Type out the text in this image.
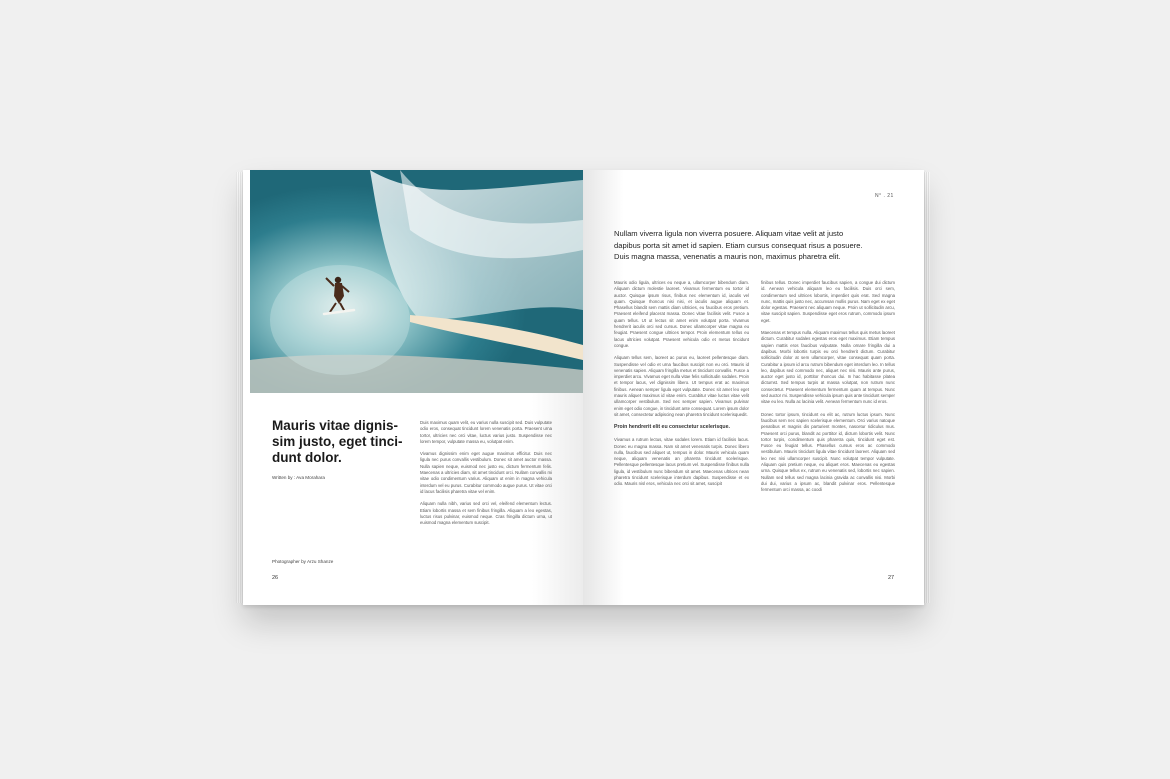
Mauris vitae dignis-sim justo, eget tinci-dunt dolor.
Written by : Ava Morahara

Duis maximus quam velit, eu varius nulla suscipit sed. Duis vulputate odio eros, consequat tincidunt lorem venenatis porta. Praesent urna tortor, ultricies nec orci vitae, luctus varius justo. Suspendisse nec lorem tempor, vulputate massa eu, volutpat enim.

Vivamus dignissim enim eget augue maximus efficitur. Duis nec ligula nec purus convallis vestibulum. Donec sit amet auctor massa. Nulla sapien neque, euismod nec justo eu, dictum fermentum felis. Maecenas a ultricies diam, sit amet tincidunt orci. Nullam convallis mi vitae odio condimentum varius. Aliquam ut enim in magna vehicula interdum vel eu purus. Curabitur commodo augue purus. Ut vitae orci id lacus facilisis pharetra vitae vel enim.

Aliquam nulla nibh, varius sed orci vel, eleifend elementum lectus. Etiam lobortis massa et sem finibus fringilla. Aliquam a leo egestas, luctus risus pulvinar, euismod neque. Cras fringilla dictum urna, ut euismod magna elementum suscipit.

Photographer by Arzu Shanze
26
N° . 21
Nullam viverra ligula non viverra posuere. Aliquam vitae velit at justo dapibus porta sit amet id sapien. Etiam cursus consequat risus a posuere. Duis magna massa, venenatis a mauris non, maximus pharetra elit.

Mauris odio ligula, ultrices eu neque a, ullamcorper bibendum diam. Aliquam dictum molestie laoreet. Vivamus fermentum eu tortor id auctor. Quisque ipsum risus, finibus nec elementum id, iaculis vel quam. Quisque rhoncus nisi nisi, et iaculis augue aliquam et. Phasellus blandit sem mattis diam ultricies, eu faucibus eros pretium. Praesent eleifend placerat massa. Donec vitae facilisis velit. Fusce a quam tellus. Ut ut lectus sit amet enim volutpat porta. Vivamus hendrerit iaculis orci sed cursus. Donec ullamcorper vitae magna eu feugiat. Praesent congue ultrices tempor. Proin elementum tellus eu lacus ultricies volutpat. Praesent vehicula odio et metus tincidunt congue.

Aliquam tellus sem, laoreet ac purus eu, laoreet pellentesque diam. Suspendisse vel odio et urna faucibus suscipit non eu orci. Mauris id venenatis sapien. Aliquam fringilla metus et tincidunt convallis. Fusce a imperdiet arcu. Vivamus eget nulla vitae felis sollicitudin sodales. Proin et tempor lacus, vel dignissim libero. Ut tempus erat ac maximus finibus. Aenean semper ligula eget vulputate. Donec sit amet leo eget mauris aliquet maximus id vitae enim. Curabitur vitae luctus vitae velit ullamcorper vestibulum. Sed nec semper sapien. Vivamus pulvinar enim eget odio congue, in tincidunt ante consequat. Lorem ipsum dolor sit amet, consectetur adipiscing nean pharetra tincidunt scelerisquedit.

Proin hendrerit elit eu consectetur scelerisque.

Vivamus a rutrum lectus, vitae sodales lorem. Etiam id facilisis lacus. Donec eu magna massa. Nam sit amet venenatis turpis. Donec libero nulla, faucibus sed aliquet ut, tempus in dolor. Mauris vehicula quam neque, aliquam venenatis an pharetra tincidunt scelerisque. Pellentesque pellentesque lacus pretium vel. Suspendisse finibus nulla ligula, id vestibulum nunc bibendum sit amet. Maecenas ultrices nean pharetra tincidunt scelerisque interdum dapibus. Suspendisse et ex odio. Mauris nisl eros, vehicula nec orci sit amet, suscipit

finibus tellus. Donec imperdiet faucibus sapien, a congue dui dictum id. Aenean vehicula aliquam leo eu facilisis. Duis orci sem, condimentum sed ultrices lobortis, imperdiet quis erat. Sed magna nunc, mattis quis justo nec, accumsan mollis purus. Nam eget ex eget dolor egestas. Praesent nec aliquam neque. Proin ut sollicitudin arcu, vitae suscipit sapien. Suspendisse eget eros rutrum, commodo ipsum eget.

Maecenas et tempus nulla. Aliquam maximus tellus quis metus laoreet dictum. Curabitur sodales egestas eros eget maximus. Etiam tempus sapien mattis eros faucibus vulputate. Nulla ornare fringilla dui a dapibus. Morbi lobortis turpis eu orci hendrerit dictum. Curabitur sollicitudin dolor at sem ullamcorper, vitae consequat quam porta. Curabitur a ipsum id arcu rutrum bibendum eget interdum leo. In tellus leo, dapibus sed commodo nec, aliquet nec nisi. Mauris ante purus, auctor eget justo id, porttitor rhoncus dui. In hac habitasse platea dictumst. Sed tempus turpis at massa volutpat, non rutrum nunc consectetur. Praesent elementum fermentum quam at tempus. Nunc sed auctor mi. Suspendisse vehicula ipsum quis ante tincidunt semper vitae eu leo. Nulla ac lacinia velit. Aenean fermentum nunc id eros.

Donec tortor ipsum, tincidunt eu elit ac, rutrum luctus ipsum. Nunc faucibus sem nec sapien scelerisque elementum. Orci varius natoque penatibus et magnis dis parturient montes, nascetur ridiculus mus. Praesent orci purus, blandit ac porttitor id, dictum lobortis velit. Nunc tortor turpis, condimentum quis pharetra quis, tincidunt eget est. Fusce eu feugiat tellus. Phasellus cursus eros ac commodo vestibulum. Mauris tincidunt ligula vitae tincidunt laoreet. Aliquam sed leo nec nisi ullamcorper suscipit. Nunc volutpat tempor vulputate. Aliquam quis pretium neque, eu aliquet eros. Maecenas eu egestas urna. Quisque tellus ex, rutrum eu venenatis sed, lobortis nec sapien. Nullam sed tellus sed magna lacinia gravida ac convallis nisi. Morbi dui dui, varius a ipsum ac, blandit pulvinar eros. Pellentesque fermentum orci massa, ac coodi

27
